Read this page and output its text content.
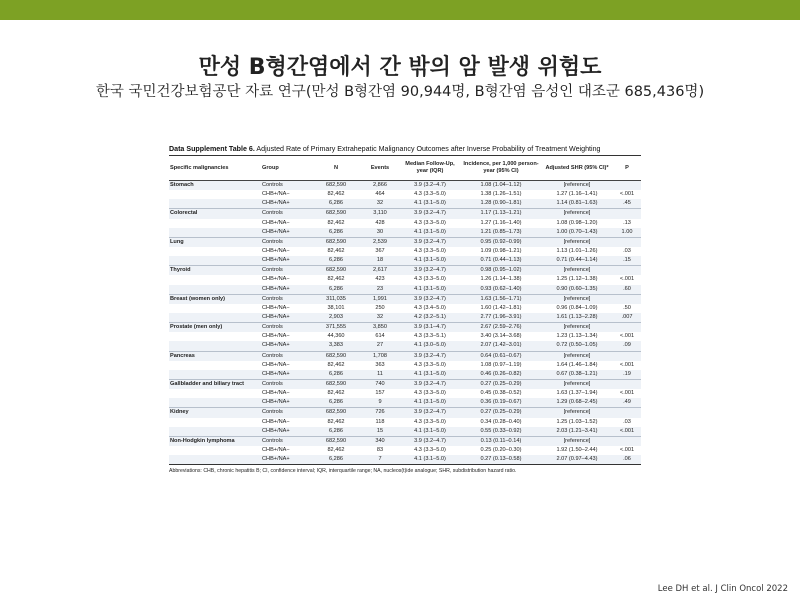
만성 B형간염에서 간 밖의 암 발생 위험도
한국 국민건강보험공단 자료 연구(만성 B형간염 90,944명, B형간염 음성인 대조군 685,436명)
Data Supplement Table 6. Adjusted Rate of Primary Extrahepatic Malignancy Outcomes after Inverse Probability of Treatment Weighting
Specific malignancies	Group	N	Events	Median Follow-Up, year (IQR)	Incidence, per 1,000 person-year (95% CI)	Adjusted SHR (95% CI)*	P
Stomach	Controls	682,590	2,866	3.9 (3.2–4.7)	1.08 (1.04–1.12)	[reference]	
	CHB+/NA−	82,462	464	4.3 (3.3–5.0)	1.38 (1.26–1.51)	1.27 (1.16–1.41)	<.001
	CHB+/NA+	6,286	32	4.1 (3.1–5.0)	1.28 (0.90–1.81)	1.14 (0.81–1.63)	.45
Colorectal	Controls	682,590	3,110	3.9 (3.2–4.7)	1.17 (1.13–1.21)	[reference]	
	CHB+/NA−	82,462	428	4.3 (3.3–5.0)	1.27 (1.16–1.40)	1.08 (0.98–1.20)	.13
	CHB+/NA+	6,286	30	4.1 (3.1–5.0)	1.21 (0.85–1.73)	1.00 (0.70–1.43)	1.00
Lung	Controls	682,590	2,539	3.9 (3.2–4.7)	0.95 (0.92–0.99)	[reference]	
	CHB+/NA−	82,462	367	4.3 (3.3–5.0)	1.09 (0.98–1.21)	1.13 (1.01–1.26)	.03
	CHB+/NA+	6,286	18	4.1 (3.1–5.0)	0.71 (0.44–1.13)	0.71 (0.44–1.14)	.15
Thyroid	Controls	682,590	2,617	3.9 (3.2–4.7)	0.98 (0.95–1.02)	[reference]	
	CHB+/NA−	82,462	423	4.3 (3.3–5.0)	1.26 (1.14–1.38)	1.25 (1.12–1.38)	<.001
	CHB+/NA+	6,286	23	4.1 (3.1–5.0)	0.93 (0.62–1.40)	0.90 (0.60–1.35)	.60
Breast (women only)	Controls	311,035	1,991	3.9 (3.2–4.7)	1.63 (1.56–1.71)	[reference]	
	CHB+/NA−	38,101	250	4.3 (3.4–5.0)	1.60 (1.42–1.81)	0.96 (0.84–1.09)	.50
	CHB+/NA+	2,903	32	4.2 (3.2–5.1)	2.77 (1.96–3.91)	1.61 (1.13–2.28)	.007
Prostate (men only)	Controls	371,555	3,850	3.9 (3.1–4.7)	2.67 (2.59–2.76)	[reference]	
	CHB+/NA−	44,360	614	4.3 (3.3–5.1)	3.40 (3.14–3.68)	1.23 (1.13–1.34)	<.001
	CHB+/NA+	3,383	27	4.1 (3.0–5.0)	2.07 (1.42–3.01)	0.72 (0.50–1.05)	.09
Pancreas	Controls	682,590	1,708	3.9 (3.2–4.7)	0.64 (0.61–0.67)	[reference]	
	CHB+/NA−	82,462	363	4.3 (3.3–5.0)	1.08 (0.97–1.19)	1.64 (1.46–1.84)	<.001
	CHB+/NA+	6,286	11	4.1 (3.1–5.0)	0.46 (0.26–0.82)	0.67 (0.38–1.21)	.19
Gallbladder and biliary tract	Controls	682,590	740	3.9 (3.2–4.7)	0.27 (0.25–0.29)	[reference]	
	CHB+/NA−	82,462	157	4.3 (3.3–5.0)	0.45 (0.38–0.52)	1.63 (1.37–1.94)	<.001
	CHB+/NA+	6,286	9	4.1 (3.1–5.0)	0.36 (0.19–0.67)	1.29 (0.68–2.45)	.49
Kidney	Controls	682,590	726	3.9 (3.2–4.7)	0.27 (0.25–0.29)	[reference]	
	CHB+/NA−	82,462	118	4.3 (3.3–5.0)	0.34 (0.28–0.40)	1.25 (1.03–1.52)	.03
	CHB+/NA+	6,286	15	4.1 (3.1–5.0)	0.55 (0.33–0.92)	2.03 (1.21–3.41)	<.001
Non-Hodgkin lymphoma	Controls	682,590	340	3.9 (3.2–4.7)	0.13 (0.11–0.14)	[reference]	
	CHB+/NA−	82,462	83	4.3 (3.3–5.0)	0.25 (0.20–0.30)	1.92 (1.50–2.44)	<.001
	CHB+/NA+	6,286	7	4.1 (3.1–5.0)	0.27 (0.13–0.58)	2.07 (0.97–4.43)	.06
Abbreviations: CHB, chronic hepatitis B; CI, confidence interval; IQR, interquartile range; NA, nucleos(t)ide analogue; SHR, subdistribution hazard ratio.
Lee DH et al. J Clin Oncol 2022
